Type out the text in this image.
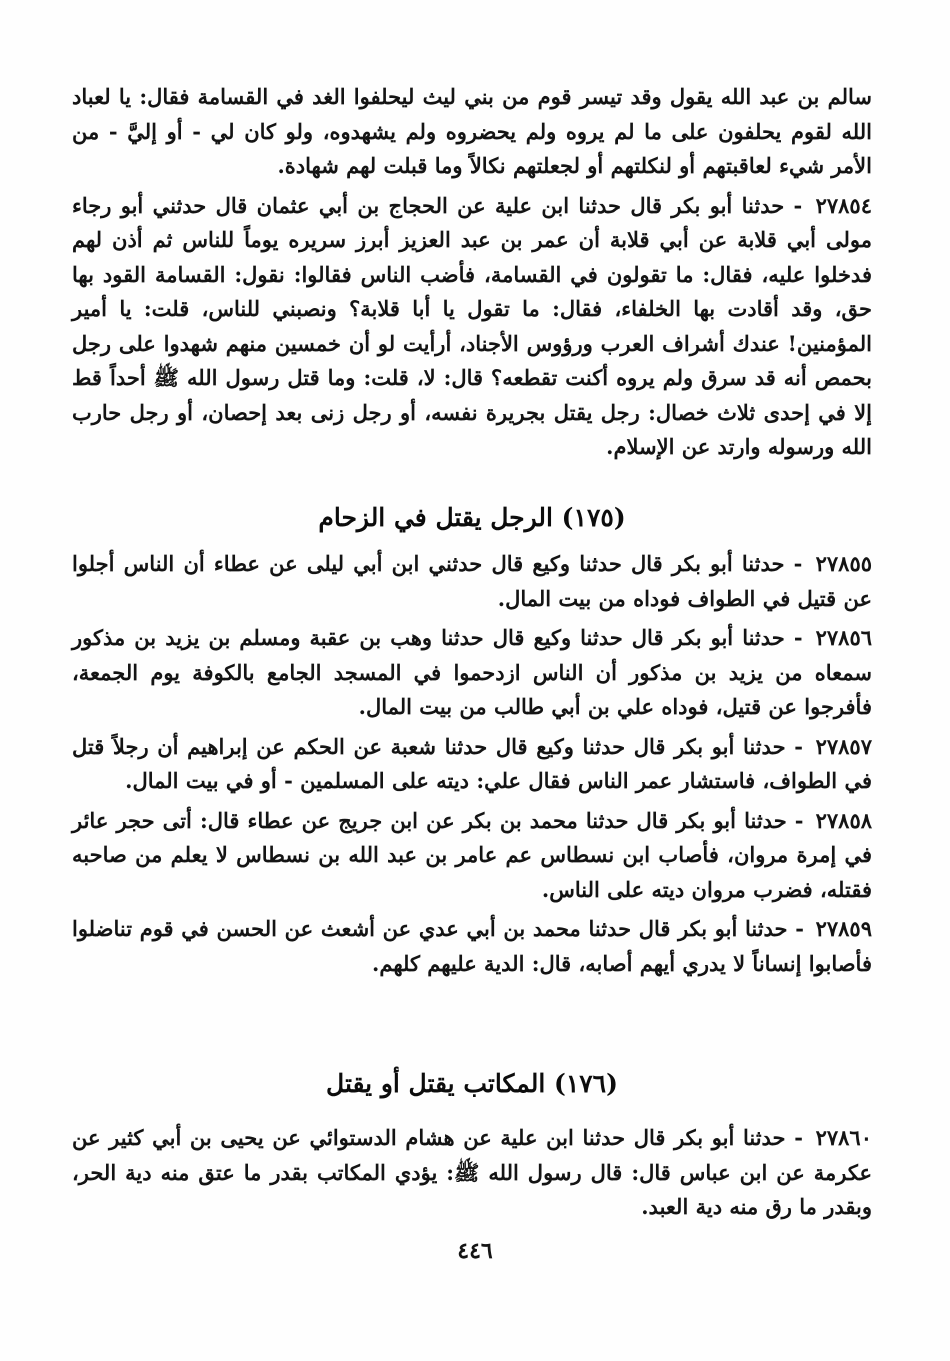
سالم بن عبد الله يقول وقد تيسر قوم من بني ليث ليحلفوا الغد في القسامة فقال: يا لعباد الله لقوم يحلفون على ما لم يروه ولم يحضروه ولم يشهدوه، ولو كان لي - أو إليَّ - من الأمر شيء لعاقبتهم أو لنكلتهم أو لجعلتهم نكالاً وما قبلت لهم شهادة.

٢٧٨٥٤ - حدثنا أبو بكر قال حدثنا ابن علية عن الحجاج بن أبي عثمان قال حدثني أبو رجاء مولى أبي قلابة عن أبي قلابة أن عمر بن عبد العزيز أبرز سريره يوماً للناس ثم أذن لهم فدخلوا عليه، فقال: ما تقولون في القسامة، فأضب الناس فقالوا: نقول: القسامة القود بها حق، وقد أقادت بها الخلفاء، فقال: ما تقول يا أبا قلابة؟ ونصبني للناس، قلت: يا أمير المؤمنين! عندك أشراف العرب ورؤوس الأجناد، أرأيت لو أن خمسين منهم شهدوا على رجل بحمص أنه قد سرق ولم يروه أكنت تقطعه؟ قال: لا، قلت: وما قتل رسول الله ﷺ أحداً قط إلا في إحدى ثلاث خصال: رجل يقتل بجريرة نفسه، أو رجل زنى بعد إحصان، أو رجل حارب الله ورسوله وارتد عن الإسلام.

(١٧٥) الرجل يقتل في الزحام

٢٧٨٥٥ - حدثنا أبو بكر قال حدثنا وكيع قال حدثني ابن أبي ليلى عن عطاء أن الناس أجلوا عن قتيل في الطواف فوداه من بيت المال.

٢٧٨٥٦ - حدثنا أبو بكر قال حدثنا وكيع قال حدثنا وهب بن عقبة ومسلم بن يزيد بن مذكور سمعاه من يزيد بن مذكور أن الناس ازدحموا في المسجد الجامع بالكوفة يوم الجمعة، فأفرجوا عن قتيل، فوداه علي بن أبي طالب من بيت المال.

٢٧٨٥٧ - حدثنا أبو بكر قال حدثنا وكيع قال حدثنا شعبة عن الحكم عن إبراهيم أن رجلاً قتل في الطواف، فاستشار عمر الناس فقال علي: ديته على المسلمين - أو في بيت المال.

٢٧٨٥٨ - حدثنا أبو بكر قال حدثنا محمد بن بكر عن ابن جريج عن عطاء قال: أتى حجر عائر في إمرة مروان، فأصاب ابن نسطاس عم عامر بن عبد الله بن نسطاس لا يعلم من صاحبه فقتله، فضرب مروان ديته على الناس.

٢٧٨٥٩ - حدثنا أبو بكر قال حدثنا محمد بن أبي عدي عن أشعث عن الحسن في قوم تناضلوا فأصابوا إنساناً لا يدري أيهم أصابه، قال: الدية عليهم كلهم.

(١٧٦) المكاتب يقتل أو يقتل

٢٧٨٦٠ - حدثنا أبو بكر قال حدثنا ابن علية عن هشام الدستوائي عن يحيى بن أبي كثير عن عكرمة عن ابن عباس قال: قال رسول الله ﷺ: يؤدي المكاتب بقدر ما عتق منه دية الحر، وبقدر ما رق منه دية العبد.

٤٤٦
